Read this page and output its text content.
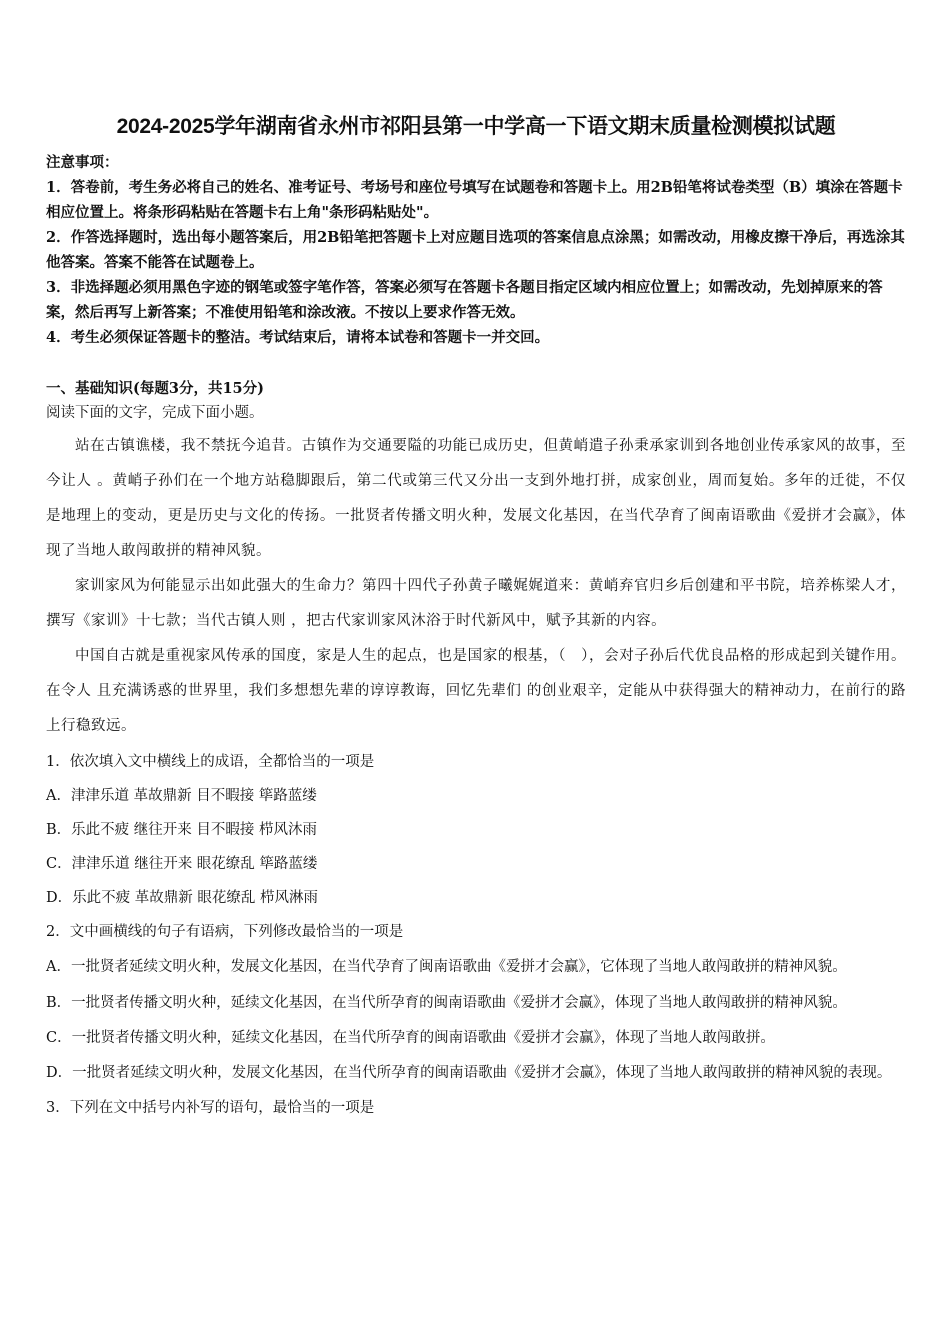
2024-2025学年湖南省永州市祁阳县第一中学高一下语文期末质量检测模拟试题

注意事项：

1．答卷前，考生务必将自己的姓名、准考证号、考场号和座位号填写在试题卷和答题卡上。用2B铅笔将试卷类型（B）填涂在答题卡相应位置上。将条形码粘贴在答题卡右上角"条形码粘贴处"。

2．作答选择题时，选出每小题答案后，用2B铅笔把答题卡上对应题目选项的答案信息点涂黑；如需改动，用橡皮擦干净后，再选涂其他答案。答案不能答在试题卷上。

3．非选择题必须用黑色字迹的钢笔或签字笔作答，答案必须写在答题卡各题目指定区域内相应位置上；如需改动，先划掉原来的答案，然后再写上新答案；不准使用铅笔和涂改液。不按以上要求作答无效。

4．考生必须保证答题卡的整洁。考试结束后，请将本试卷和答题卡一并交回。

一、基础知识(每题3分，共15分)

阅读下面的文字，完成下面小题。

站在古镇谯楼，我不禁抚今追昔。古镇作为交通要隘的功能已成历史，但黄峭遣子孙秉承家训到各地创业传承家风的故事，至今让人 。黄峭子孙们在一个地方站稳脚跟后，第二代或第三代又分出一支到外地打拼，成家创业，周而复始。多年的迁徙，不仅是地理上的变动，更是历史与文化的传扬。一批贤者传播文明火种，发展文化基因，在当代孕育了闽南语歌曲《爱拼才会赢》，体现了当地人敢闯敢拼的精神风貌。

家训家风为何能显示出如此强大的生命力？第四十四代子孙黄子曦娓娓道来：黄峭弃官归乡后创建和平书院，培养栋梁人才，撰写《家训》十七款；当代古镇人则 ，把古代家训家风沐浴于时代新风中，赋予其新的内容。

中国自古就是重视家风传承的国度，家是人生的起点，也是国家的根基，（　），会对子孙后代优良品格的形成起到关键作用。在令人 且充满诱惑的世界里，我们多想想先辈的谆谆教诲，回忆先辈们 的创业艰辛，定能从中获得强大的精神动力，在前行的路上行稳致远。

1．依次填入文中横线上的成语，全都恰当的一项是

A．津津乐道 革故鼎新 目不暇接 筚路蓝缕

B．乐此不疲 继往开来 目不暇接 栉风沐雨

C．津津乐道 继往开来 眼花缭乱 筚路蓝缕

D．乐此不疲 革故鼎新 眼花缭乱 栉风淋雨

2．文中画横线的句子有语病，下列修改最恰当的一项是

A．一批贤者延续文明火种，发展文化基因，在当代孕育了闽南语歌曲《爱拼才会赢》，它体现了当地人敢闯敢拼的精神风貌。

B．一批贤者传播文明火种，延续文化基因，在当代所孕育的闽南语歌曲《爱拼才会赢》，体现了当地人敢闯敢拼的精神风貌。

C．一批贤者传播文明火种，延续文化基因，在当代所孕育的闽南语歌曲《爱拼才会赢》，体现了当地人敢闯敢拼。

D．一批贤者延续文明火种，发展文化基因，在当代所孕育的闽南语歌曲《爱拼才会赢》，体现了当地人敢闯敢拼的精神风貌的表现。

3．下列在文中括号内补写的语句，最恰当的一项是
